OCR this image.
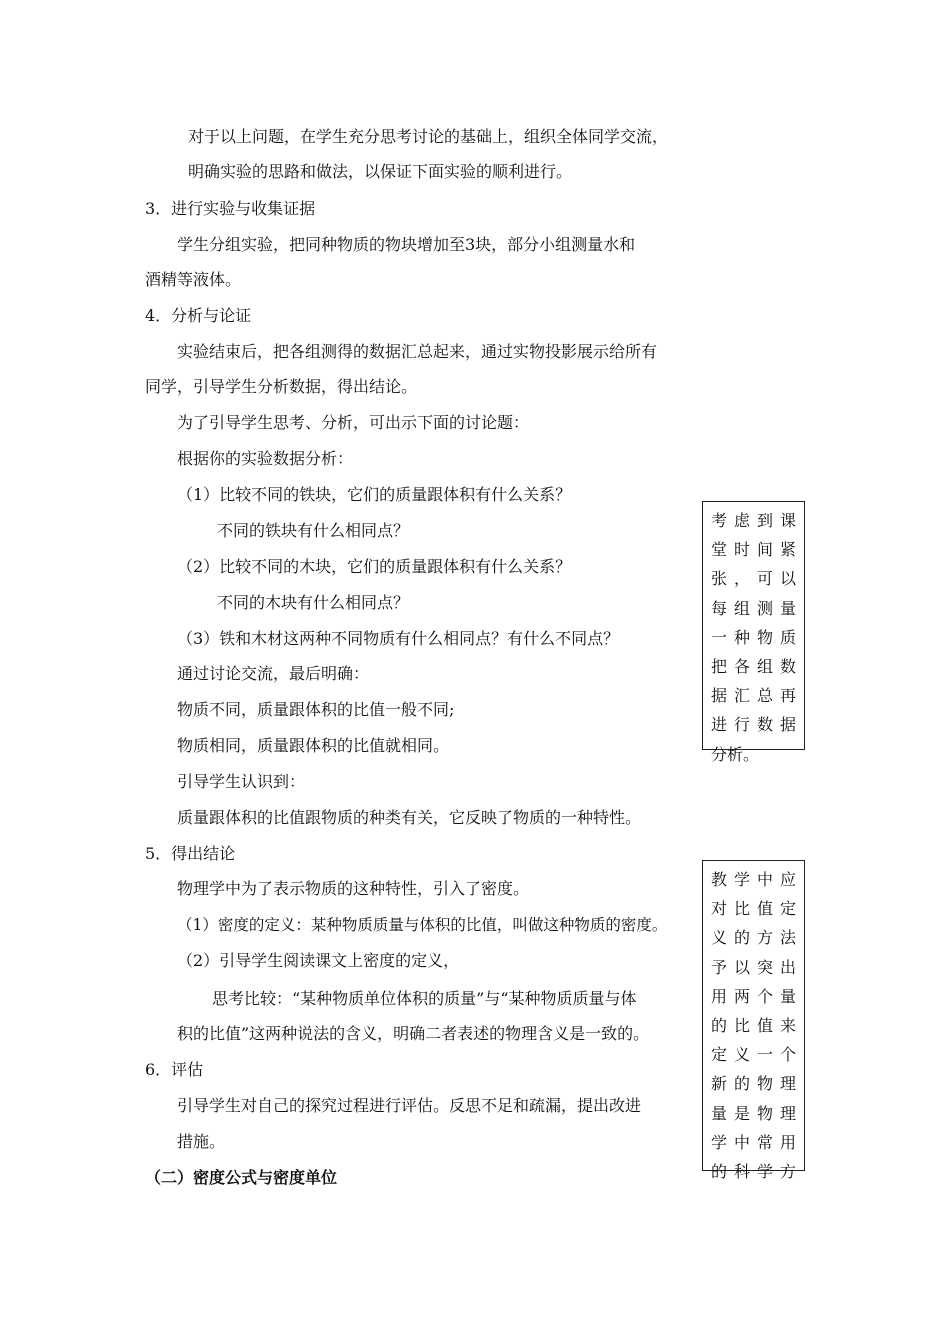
对于以上问题，在学生充分思考讨论的基础上，组织全体同学交流，
明确实验的思路和做法，以保证下面实验的顺利进行。
3．进行实验与收集证据
学生分组实验，把同种物质的物块增加至3块，部分小组测量水和
酒精等液体。
4．分析与论证
实验结束后，把各组测得的数据汇总起来，通过实物投影展示给所有
同学，引导学生分析数据，得出结论。
为了引导学生思考、分析，可出示下面的讨论题：
根据你的实验数据分析：
（1）比较不同的铁块，它们的质量跟体积有什么关系？
不同的铁块有什么相同点？
（2）比较不同的木块，它们的质量跟体积有什么关系？
不同的木块有什么相同点？
（3）铁和木材这两种不同物质有什么相同点？有什么不同点？
通过讨论交流，最后明确：
物质不同，质量跟体积的比值一般不同;
物质相同，质量跟体积的比值就相同。
引导学生认识到：
质量跟体积的比值跟物质的种类有关，它反映了物质的一种特性。
5．得出结论
物理学中为了表示物质的这种特性，引入了密度。
（1）密度的定义：某种物质质量与体积的比值，叫做这种物质的密度。
（2）引导学生阅读课文上密度的定义，
思考比较：“某种物质单位体积的质量”与“某种物质质量与体
积的比值”这两种说法的含义，明确二者表述的物理含义是一致的。
6．评估
引导学生对自己的探究过程进行评估。反思不足和疏漏，提出改进
措施。
（二）密度公式与密度单位
考虑到课
堂时间紧
张，可以
每组测量
一种物质
把各组数
据汇总再
进行数据
分析。
教学中应
对比值定
义的方法
予以突出
用两个量
的比值来
定义一个
新的物理
量是物理
学中常用
的科学方
